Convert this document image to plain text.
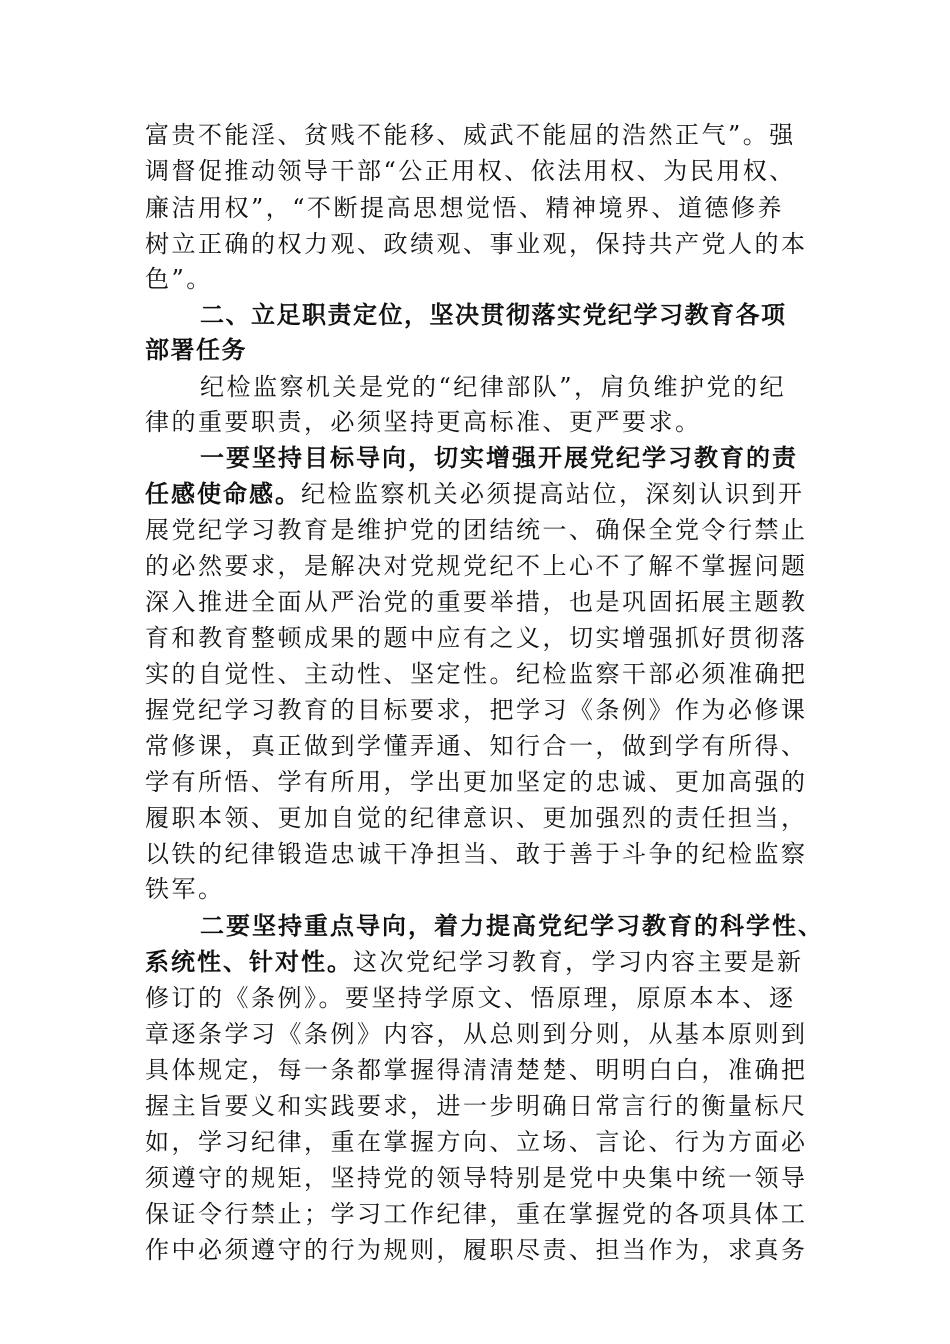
富贵不能淫、贫贱不能移、威武不能屈的浩然正气”。强
调督促推动领导干部“公正用权、依法用权、为民用权、
廉洁用权”，“不断提高思想觉悟、精神境界、道德修养
树立正确的权力观、政绩观、事业观，保持共产党人的本
色”。
二、立足职责定位，坚决贯彻落实党纪学习教育各项
部署任务
纪检监察机关是党的“纪律部队”，肩负维护党的纪
律的重要职责，必须坚持更高标准、更严要求。
一要坚持目标导向，切实增强开展党纪学习教育的责
任感使命感。纪检监察机关必须提高站位，深刻认识到开
展党纪学习教育是维护党的团结统一、确保全党令行禁止
的必然要求，是解决对党规党纪不上心不了解不掌握问题
深入推进全面从严治党的重要举措，也是巩固拓展主题教
育和教育整顿成果的题中应有之义，切实增强抓好贯彻落
实的自觉性、主动性、坚定性。纪检监察干部必须准确把
握党纪学习教育的目标要求，把学习《条例》作为必修课
常修课，真正做到学懂弄通、知行合一，做到学有所得、
学有所悟、学有所用，学出更加坚定的忠诚、更加高强的
履职本领、更加自觉的纪律意识、更加强烈的责任担当，
以铁的纪律锻造忠诚干净担当、敢于善于斗争的纪检监察
铁军。
二要坚持重点导向，着力提高党纪学习教育的科学性、
系统性、针对性。这次党纪学习教育，学习内容主要是新
修订的《条例》。要坚持学原文、悟原理，原原本本、逐
章逐条学习《条例》内容，从总则到分则，从基本原则到
具体规定，每一条都掌握得清清楚楚、明明白白，准确把
握主旨要义和实践要求，进一步明确日常言行的衡量标尺
如，学习纪律，重在掌握方向、立场、言论、行为方面必
须遵守的规矩，坚持党的领导特别是党中央集中统一领导
保证令行禁止；学习工作纪律，重在掌握党的各项具体工
作中必须遵守的行为规则，履职尽责、担当作为，求真务
